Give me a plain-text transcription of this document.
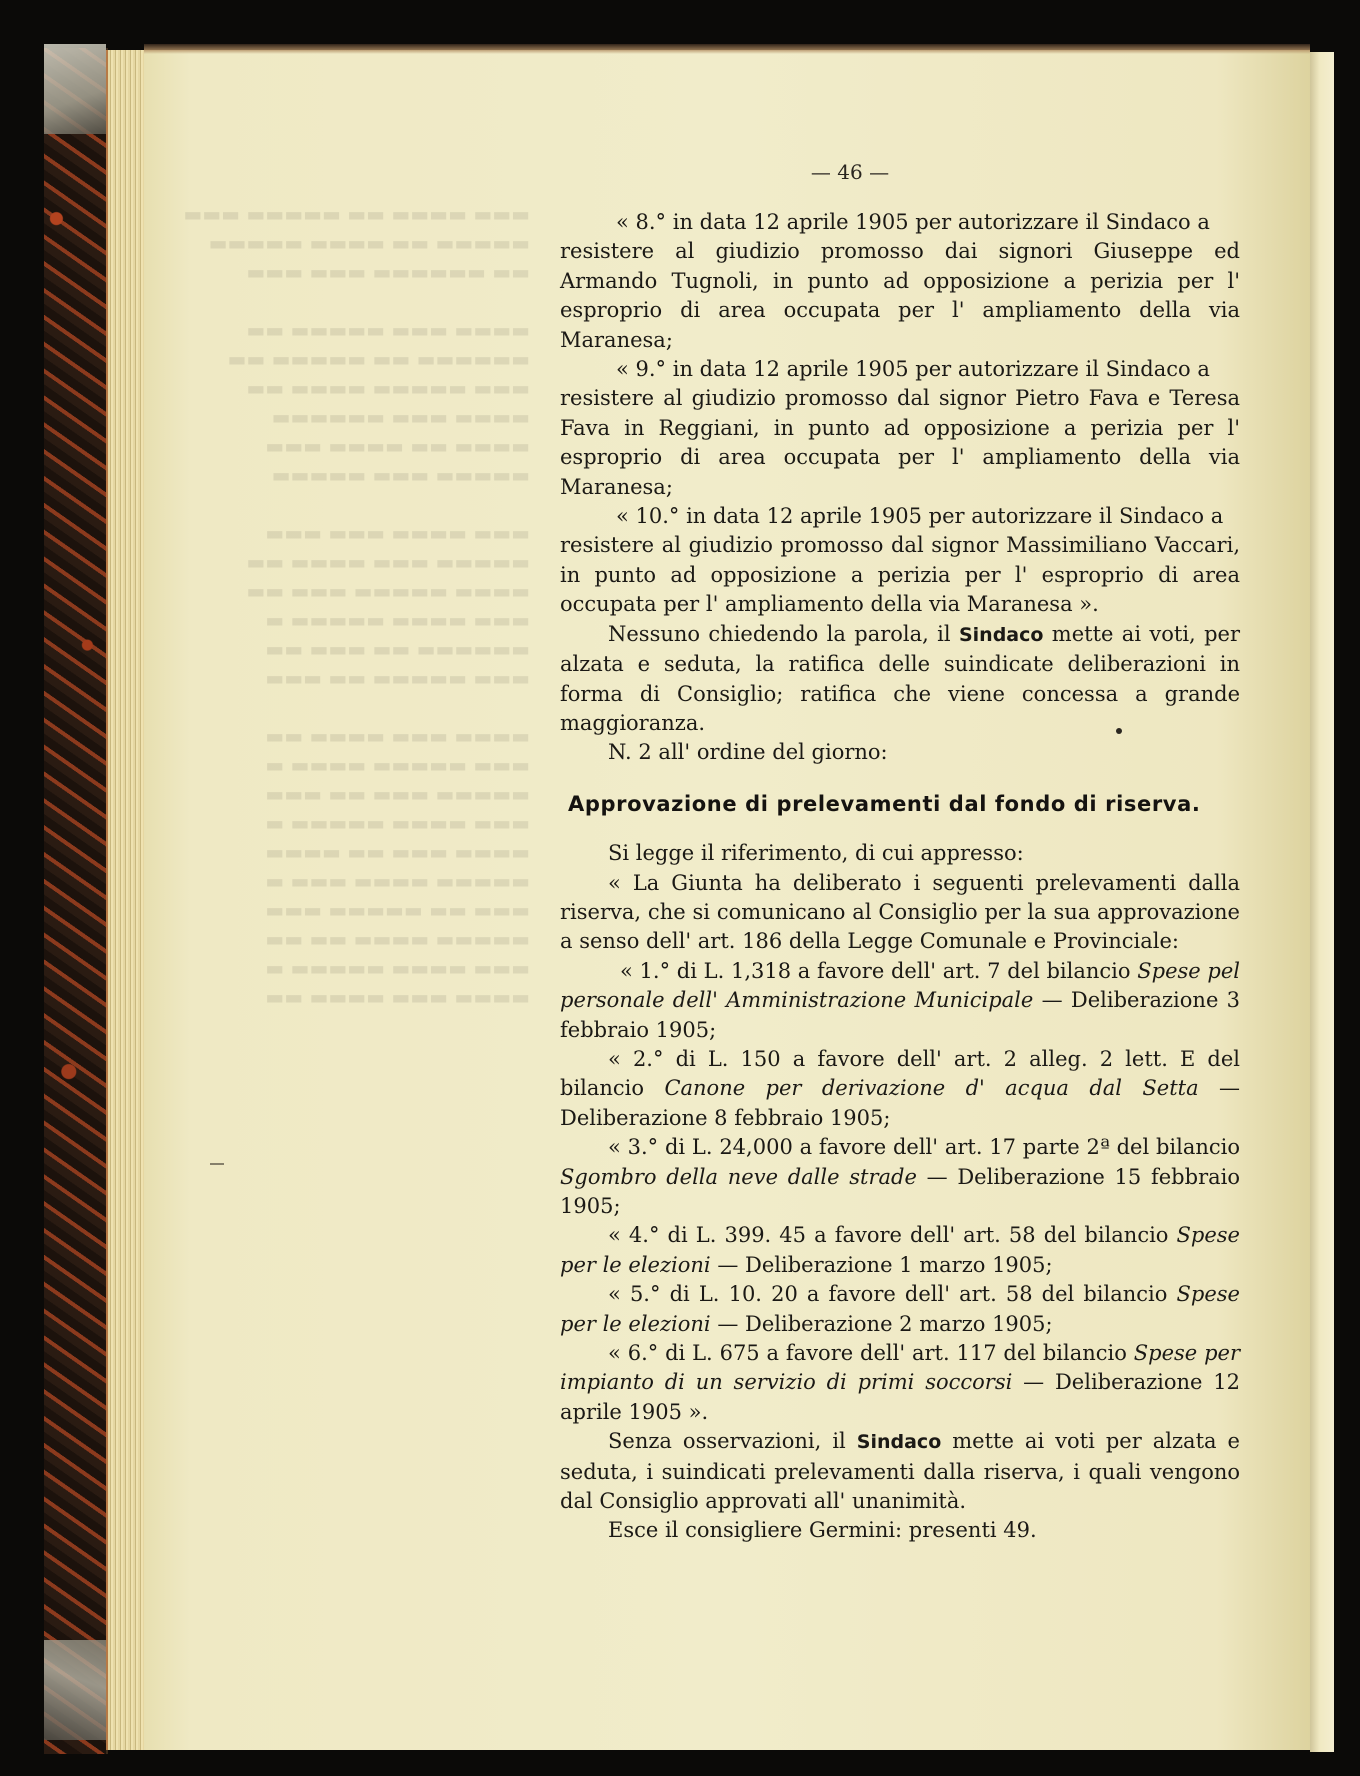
▬▬▬ ▬▬▬▬ ▬▬ ▬▬▬▬▬ ▬▬▬
▬▬▬▬▬ ▬▬ ▬▬▬▬ ▬▬▬▬▬
▬▬ ▬▬▬▬▬▬ ▬▬▬ ▬▬▬

▬▬▬▬ ▬▬▬ ▬▬▬▬▬ ▬▬
▬▬▬▬▬▬ ▬▬ ▬▬▬▬▬ ▬▬
▬▬▬ ▬▬▬▬▬ ▬▬▬▬ ▬▬
▬▬▬▬ ▬▬▬ ▬▬▬▬▬▬
▬▬▬▬ ▬▬ ▬▬▬▬ ▬▬▬
▬▬▬▬▬ ▬▬▬ ▬▬▬▬▬

▬▬▬ ▬▬▬▬ ▬▬▬ ▬▬▬
▬▬▬▬▬ ▬▬▬ ▬▬▬▬ ▬▬
▬▬▬▬ ▬▬▬▬▬ ▬▬▬ ▬▬
▬▬▬ ▬▬▬▬ ▬▬▬▬▬ ▬
▬▬▬▬▬▬ ▬▬ ▬▬▬ ▬▬
▬▬▬ ▬▬▬▬▬ ▬▬ ▬▬▬

▬▬▬▬ ▬▬▬ ▬▬▬▬ ▬▬
▬▬▬ ▬▬▬▬▬ ▬▬▬▬ ▬
▬▬▬▬▬ ▬▬▬ ▬▬ ▬▬▬
▬▬▬ ▬▬▬▬ ▬▬▬▬▬ ▬
▬▬▬▬ ▬▬▬ ▬▬ ▬▬▬▬
▬▬▬▬▬ ▬▬▬▬ ▬▬▬ ▬
▬▬▬ ▬▬ ▬▬▬▬▬ ▬▬▬
▬▬▬▬▬ ▬▬▬▬ ▬▬ ▬▬
▬▬▬ ▬▬▬▬ ▬▬▬▬▬ ▬
▬▬▬▬ ▬▬▬ ▬▬▬▬ ▬▬
— 46 —

« 8.° in data 12 aprile 1905 per autorizzare il Sindaco a
resistere al giudizio promosso dai signori Giuseppe ed Armando Tugnoli, in punto ad opposizione a perizia per l' esproprio di area occupata per l' ampliamento della via Maranesa;

« 9.° in data 12 aprile 1905 per autorizzare il Sindaco a
resistere al giudizio promosso dal signor Pietro Fava e Teresa Fava in Reggiani, in punto ad opposizione a perizia per l' esproprio di area occupata per l' ampliamento della via Maranesa;

« 10.° in data 12 aprile 1905 per autorizzare il Sindaco a
resistere al giudizio promosso dal signor Massimiliano Vaccari, in punto ad opposizione a perizia per l' esproprio di area occupata per l' ampliamento della via Maranesa ».

Nessuno chiedendo la parola, il Sindaco mette ai voti, per alzata e seduta, la ratifica delle suindicate deliberazioni in forma di Consiglio; ratifica che viene concessa a grande maggioranza.

N. 2 all' ordine del giorno:

Approvazione di prelevamenti dal fondo di riserva.

Si legge il riferimento, di cui appresso:

« La Giunta ha deliberato i seguenti prelevamenti dalla riserva, che si comunicano al Consiglio per la sua approvazione a senso dell' art. 186 della Legge Comunale e Provinciale:

« 1.° di L. 1,318 a favore dell' art. 7 del bilancio Spese pel personale dell' Amministrazione Municipale — Deliberazione 3 febbraio 1905;

« 2.° di L. 150 a favore dell' art. 2 alleg. 2 lett. E del bilancio Canone per derivazione d' acqua dal Setta — Deliberazione 8 febbraio 1905;

« 3.° di L. 24,000 a favore dell' art. 17 parte 2ª del bilancio Sgombro della neve dalle strade — Deliberazione 15 febbraio 1905;

« 4.° di L. 399. 45 a favore dell' art. 58 del bilancio Spese per le elezioni — Deliberazione 1 marzo 1905;

« 5.° di L. 10. 20 a favore dell' art. 58 del bilancio Spese per le elezioni — Deliberazione 2 marzo 1905;

« 6.° di L. 675 a favore dell' art. 117 del bilancio Spese per impianto di un servizio di primi soccorsi — Deliberazione 12 aprile 1905 ».

Senza osservazioni, il Sindaco mette ai voti per alzata e seduta, i suindicati prelevamenti dalla riserva, i quali vengono dal Consiglio approvati all' unanimità.

Esce il consigliere Germini: presenti 49.
